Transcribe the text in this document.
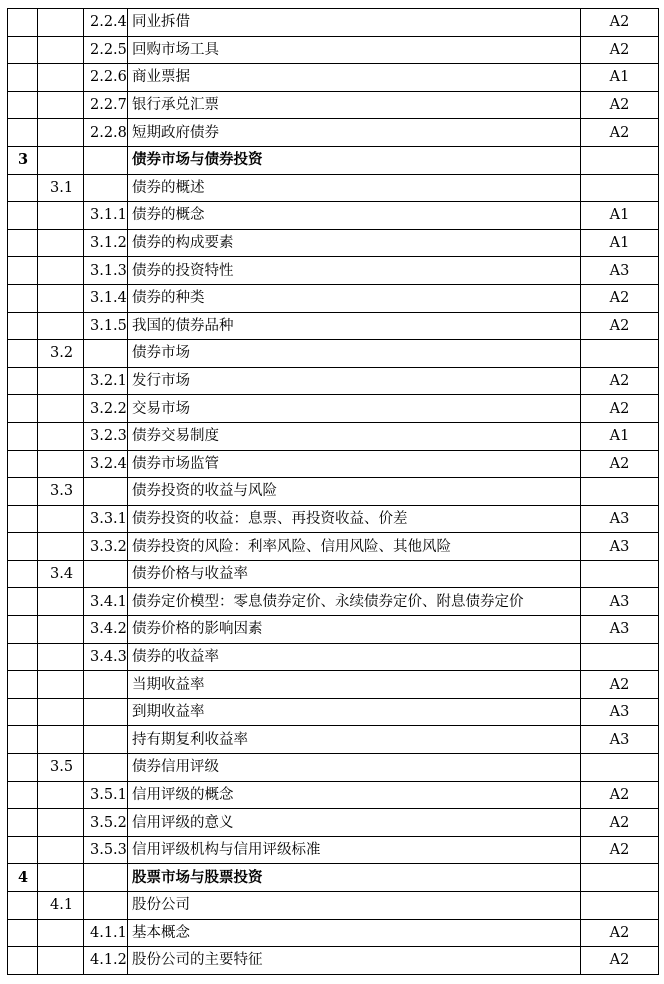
		2.2.4	同业拆借	A2
		2.2.5	回购市场工具	A2
		2.2.6	商业票据	A1
		2.2.7	银行承兑汇票	A2
		2.2.8	短期政府债券	A2
3			债券市场与债券投资	
	3.1		债券的概述	
		3.1.1	债券的概念	A1
		3.1.2	债券的构成要素	A1
		3.1.3	债券的投资特性	A3
		3.1.4	债券的种类	A2
		3.1.5	我国的债券品种	A2
	3.2		债券市场	
		3.2.1	发行市场	A2
		3.2.2	交易市场	A2
		3.2.3	债券交易制度	A1
		3.2.4	债券市场监管	A2
	3.3		债券投资的收益与风险	
		3.3.1	债券投资的收益：息票、再投资收益、价差	A3
		3.3.2	债券投资的风险：利率风险、信用风险、其他风险	A3
	3.4		债券价格与收益率	
		3.4.1	债券定价模型：零息债券定价、永续债券定价、附息债券定价	A3
		3.4.2	债券价格的影响因素	A3
		3.4.3	债券的收益率	
			当期收益率	A2
			到期收益率	A3
			持有期复利收益率	A3
	3.5		债券信用评级	
		3.5.1	信用评级的概念	A2
		3.5.2	信用评级的意义	A2
		3.5.3	信用评级机构与信用评级标准	A2
4			股票市场与股票投资	
	4.1		股份公司	
		4.1.1	基本概念	A2
		4.1.2	股份公司的主要特征	A2
